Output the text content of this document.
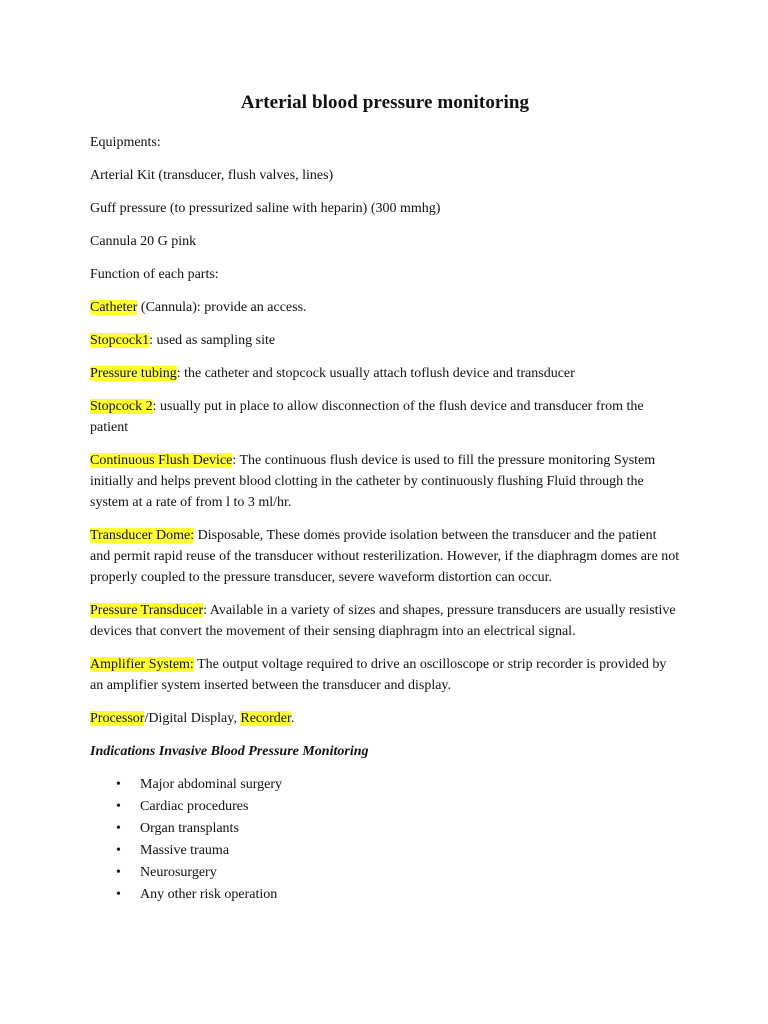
Arterial blood pressure monitoring
Equipments:
Arterial Kit (transducer, flush valves, lines)
Guff pressure (to pressurized saline with heparin) (300 mmhg)
Cannula 20 G pink
Function of each parts:
Catheter (Cannula): provide an access.
Stopcock1: used as sampling site
Pressure tubing: the catheter and stopcock usually attach toflush device and transducer
Stopcock 2: usually put in place to allow disconnection of the flush device and transducer from the patient
Continuous Flush Device: The continuous flush device is used to fill the pressure monitoring System initially and helps prevent blood clotting in the catheter by continuously flushing Fluid through the system at a rate of from l to 3 ml/hr.
Transducer Dome: Disposable, These domes provide isolation between the transducer and the patient and permit rapid reuse of the transducer without resterilization. However, if the diaphragm domes are not properly coupled to the pressure transducer, severe waveform distortion can occur.
Pressure Transducer: Available in a variety of sizes and shapes, pressure transducers are usually resistive devices that convert the movement of their sensing diaphragm into an electrical signal.
Amplifier System: The output voltage required to drive an oscilloscope or strip recorder is provided by an amplifier system inserted between the transducer and display.
Processor/Digital Display, Recorder.
Indications Invasive Blood Pressure Monitoring
• Major abdominal surgery
• Cardiac procedures
• Organ transplants
• Massive trauma
• Neurosurgery
• Any other risk operation
